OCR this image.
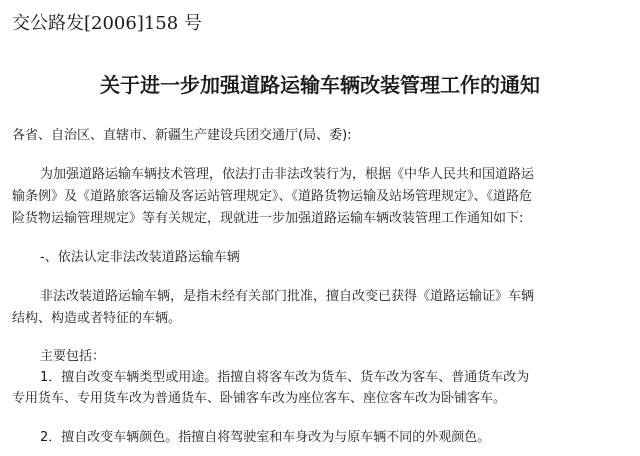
交公路发[2006]158 号
关于进一步加强道路运输车辆改装管理工作的通知
各省、自治区、直辖市、新疆生产建设兵团交通厅(局、委):
为加强道路运输车辆技术管理，依法打击非法改装行为，根据《中华人民共和国道路运
输条例》及《道路旅客运输及客运站管理规定》、《道路货物运输及站场管理规定》、《道路危
险货物运输管理规定》等有关规定，现就进一步加强道路运输车辆改装管理工作通知如下:
-、依法认定非法改装道路运输车辆
非法改装道路运输车辆，是指未经有关部门批准，擅自改变已获得《道路运输证》车辆
结构、构造或者特征的车辆。
主要包括：
1．擅自改变车辆类型或用途。指擅自将客车改为货车、货车改为客车、普通货车改为
专用货车、专用货车改为普通货车、卧铺客车改为座位客车、座位客车改为卧铺客车。
2．擅自改变车辆颜色。指擅自将驾驶室和车身改为与原车辆不同的外观颜色。
